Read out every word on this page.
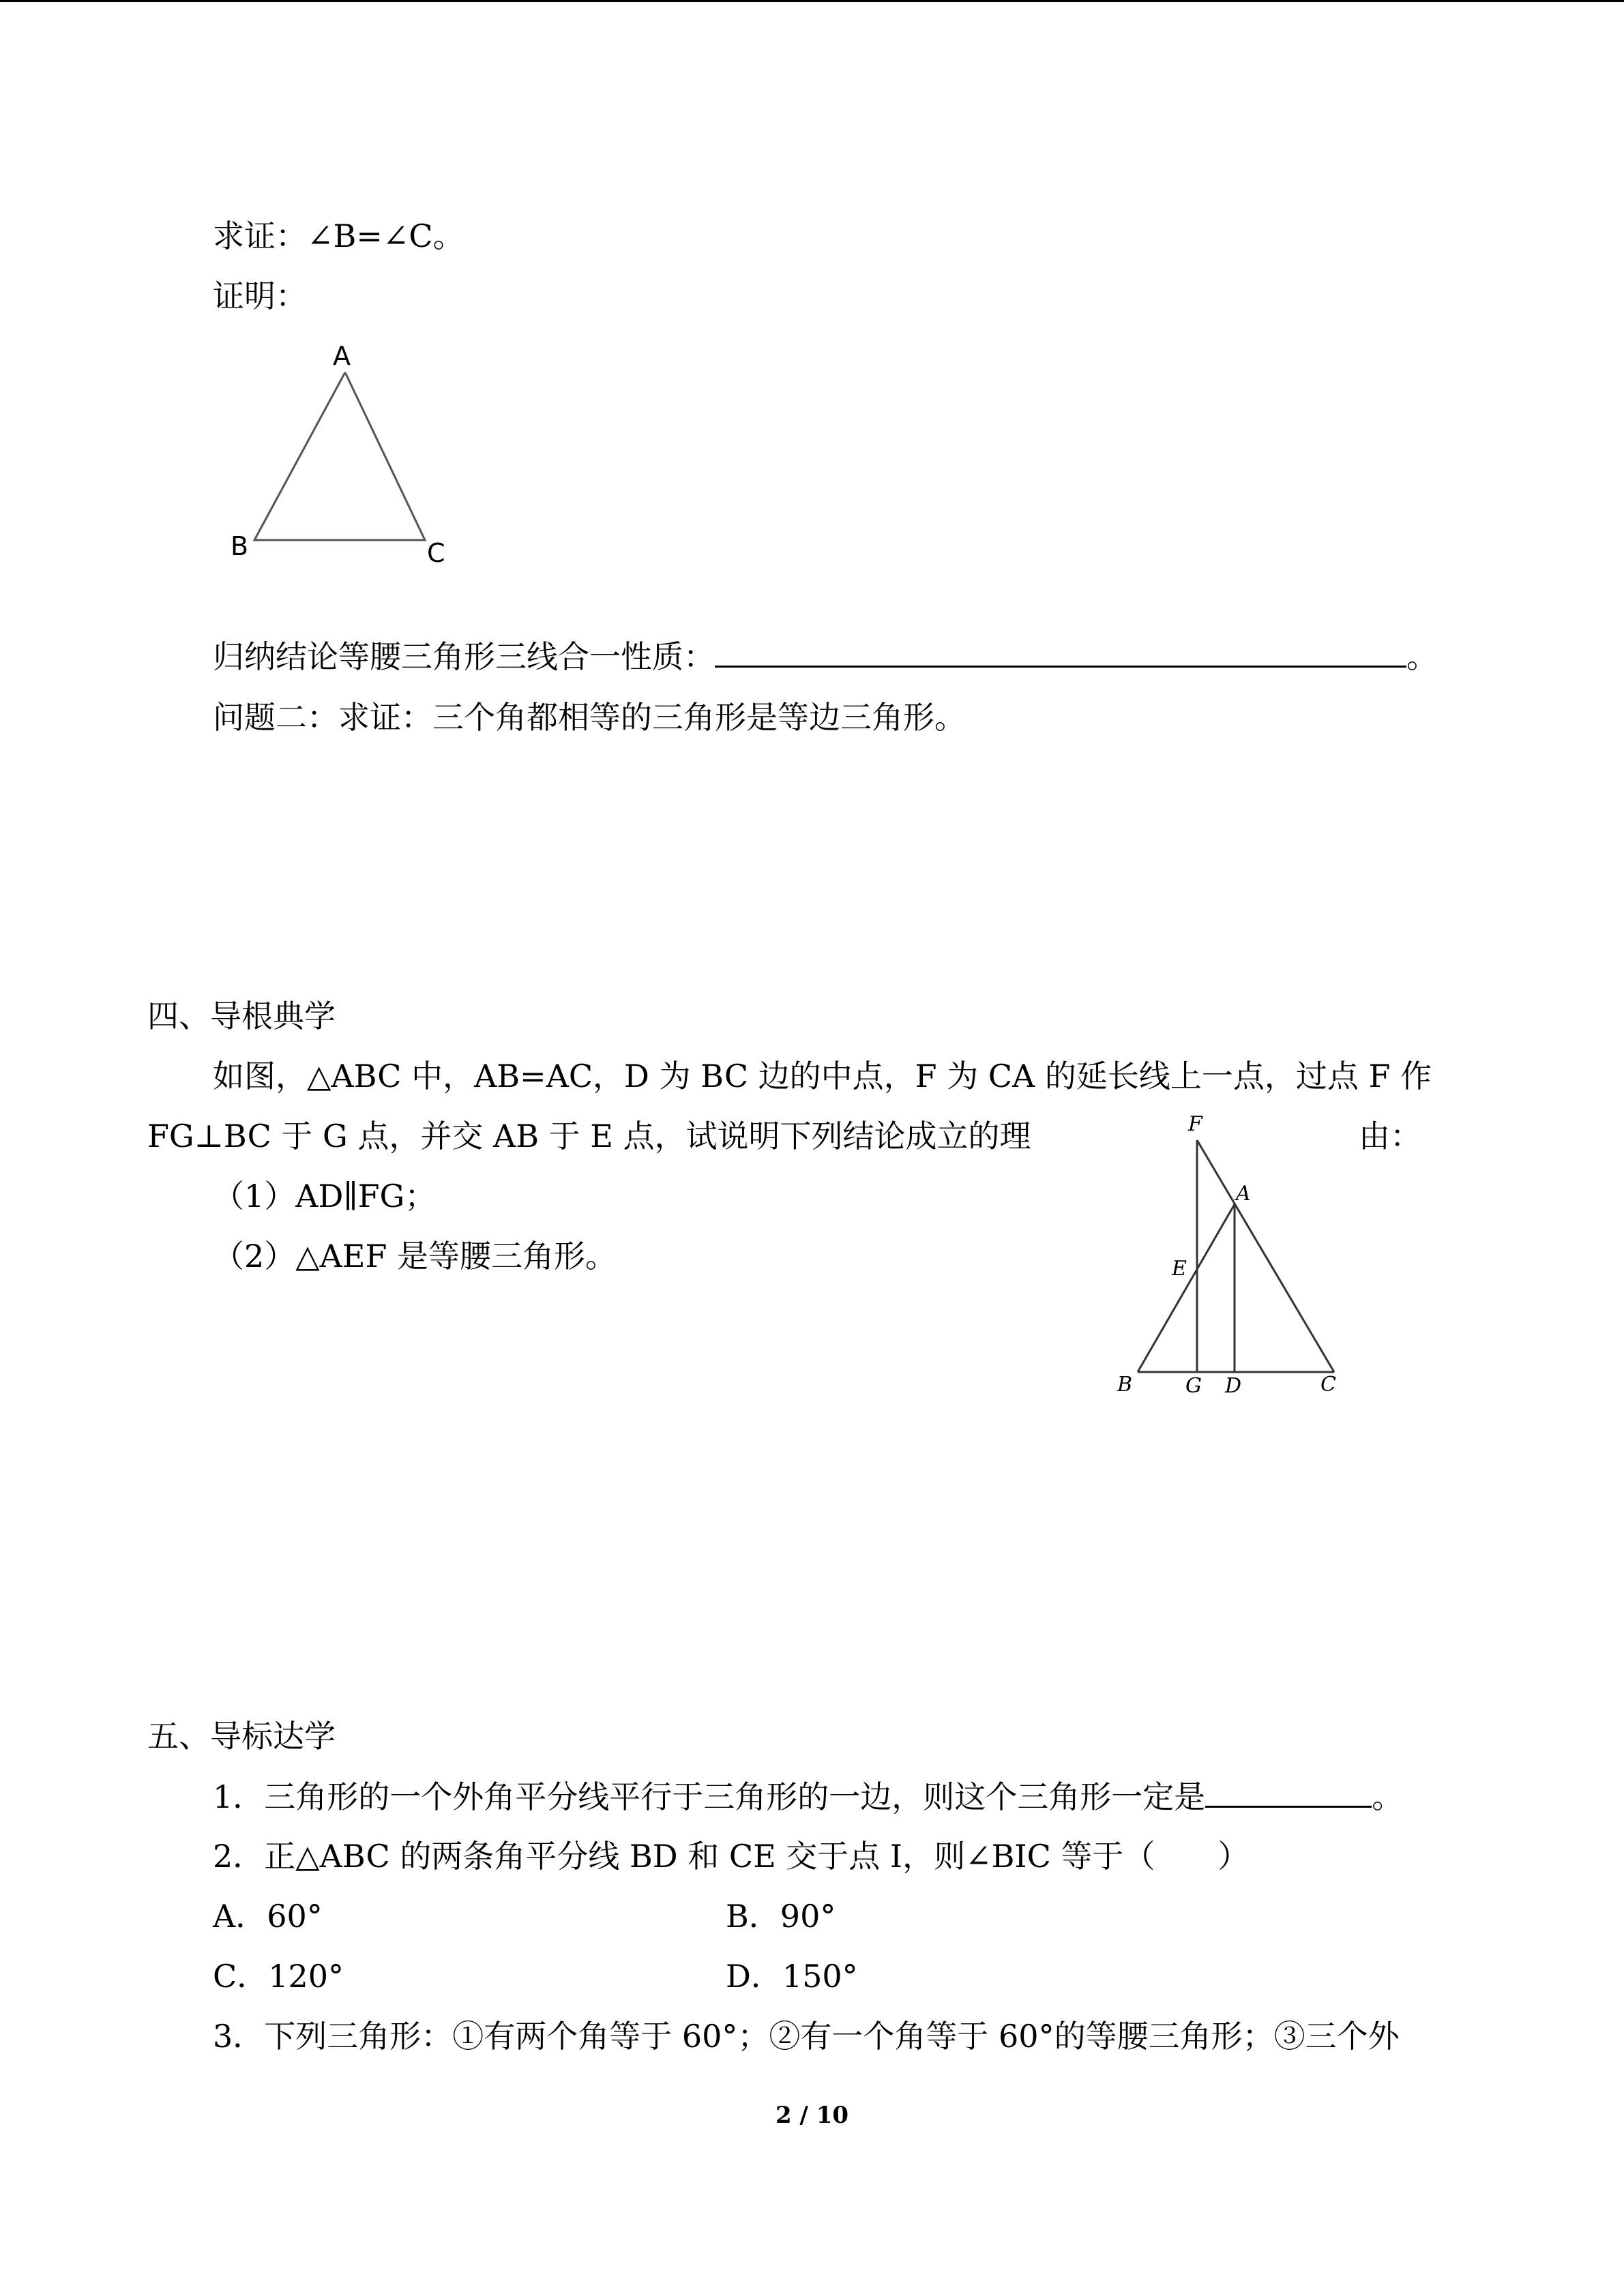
求证：∠B=∠C。
证明：
A
B	C
归纳结论等腰三角形三线合一性质：	。
问题二：求证：三个角都相等的三角形是等边三角形。
四、导根典学
如图，△ABC 中，AB=AC，D 为 BC 边的中点，F 为 CA 的延长线上一点，过点 F 作
FG⊥BC 于 G 点，并交 AB 于 E 点，试说明下列结论成立的理	由：
（1）AD∥FG；
（2）△AEF 是等腰三角形。
F
A
E
B	G D	C
五、导标达学
1．三角形的一个外角平分线平行于三角形的一边，则这个三角形一定是	。
2．正△ABC 的两条角平分线 BD 和 CE 交于点 I，则∠BIC 等于（　　）
A．60°	B．90°
C．120°	D．150°
3．下列三角形：①有两个角等于 60°；②有一个角等于 60°的等腰三角形；③三个外
2 / 10
